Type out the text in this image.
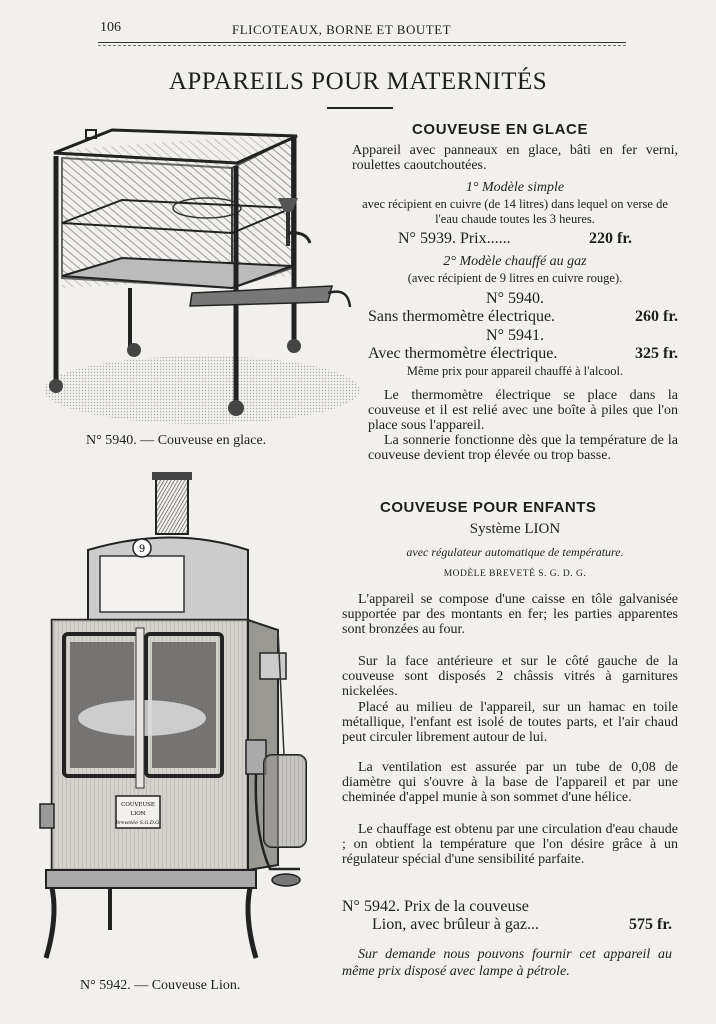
106	FLICOTEAUX, BORNE ET BOUTET
APPAREILS POUR MATERNITÉS
N° 5940. — Couveuse en glace.
COUVEUSE EN GLACE
Appareil avec panneaux en glace, bâti en fer verni, roulettes caoutchoutées.
1° Modèle simple
avec récipient en cuivre (de 14 litres) dans lequel on verse de l'eau chaude toutes les 3 heures.
N° 5939. Prix......	220 fr.
2° Modèle chauffé au gaz
(avec récipient de 9 litres en cuivre rouge).
N° 5940.
Sans thermomètre électrique.	260 fr.
N° 5941.
Avec thermomètre électrique.	325 fr.
Même prix pour appareil chauffé à l'alcool.
Le thermomètre électrique se place dans la couveuse et il est relié avec une boîte à piles que l'on place sous l'appareil.
La sonnerie fonctionne dès que la température de la couveuse devient trop élevée ou trop basse.
COUVEUSE POUR ENFANTS
Système LION
avec régulateur automatique de température.
MODÈLE BREVETÉ S. G. D. G.
L'appareil se compose d'une caisse en tôle galvanisée supportée par des montants en fer; les parties apparentes sont bronzées au four.
Sur la face antérieure et sur le côté gauche de la couveuse sont disposés 2 châssis vitrés à garnitures nickelées.
Placé au milieu de l'appareil, sur un hamac en toile métallique, l'enfant est isolé de toutes parts, et l'air chaud peut circuler librement autour de lui.
La ventilation est assurée par un tube de 0,08 de diamètre qui s'ouvre à la base de l'appareil et par une cheminée d'appel munie à son sommet d'une hélice.
Le chauffage est obtenu par une circulation d'eau chaude ; on obtient la température que l'on désire grâce à un régulateur spécial d'une sensibilité parfaite.
N° 5942. Prix de la couveuse
Lion, avec brûleur à gaz...	575 fr.
Sur demande nous pouvons fournir cet appareil au même prix disposé avec lampe à pétrole.
9
COUVEUSE
LION
Brevetée S.G.D.G.
N° 5942. — Couveuse Lion.
